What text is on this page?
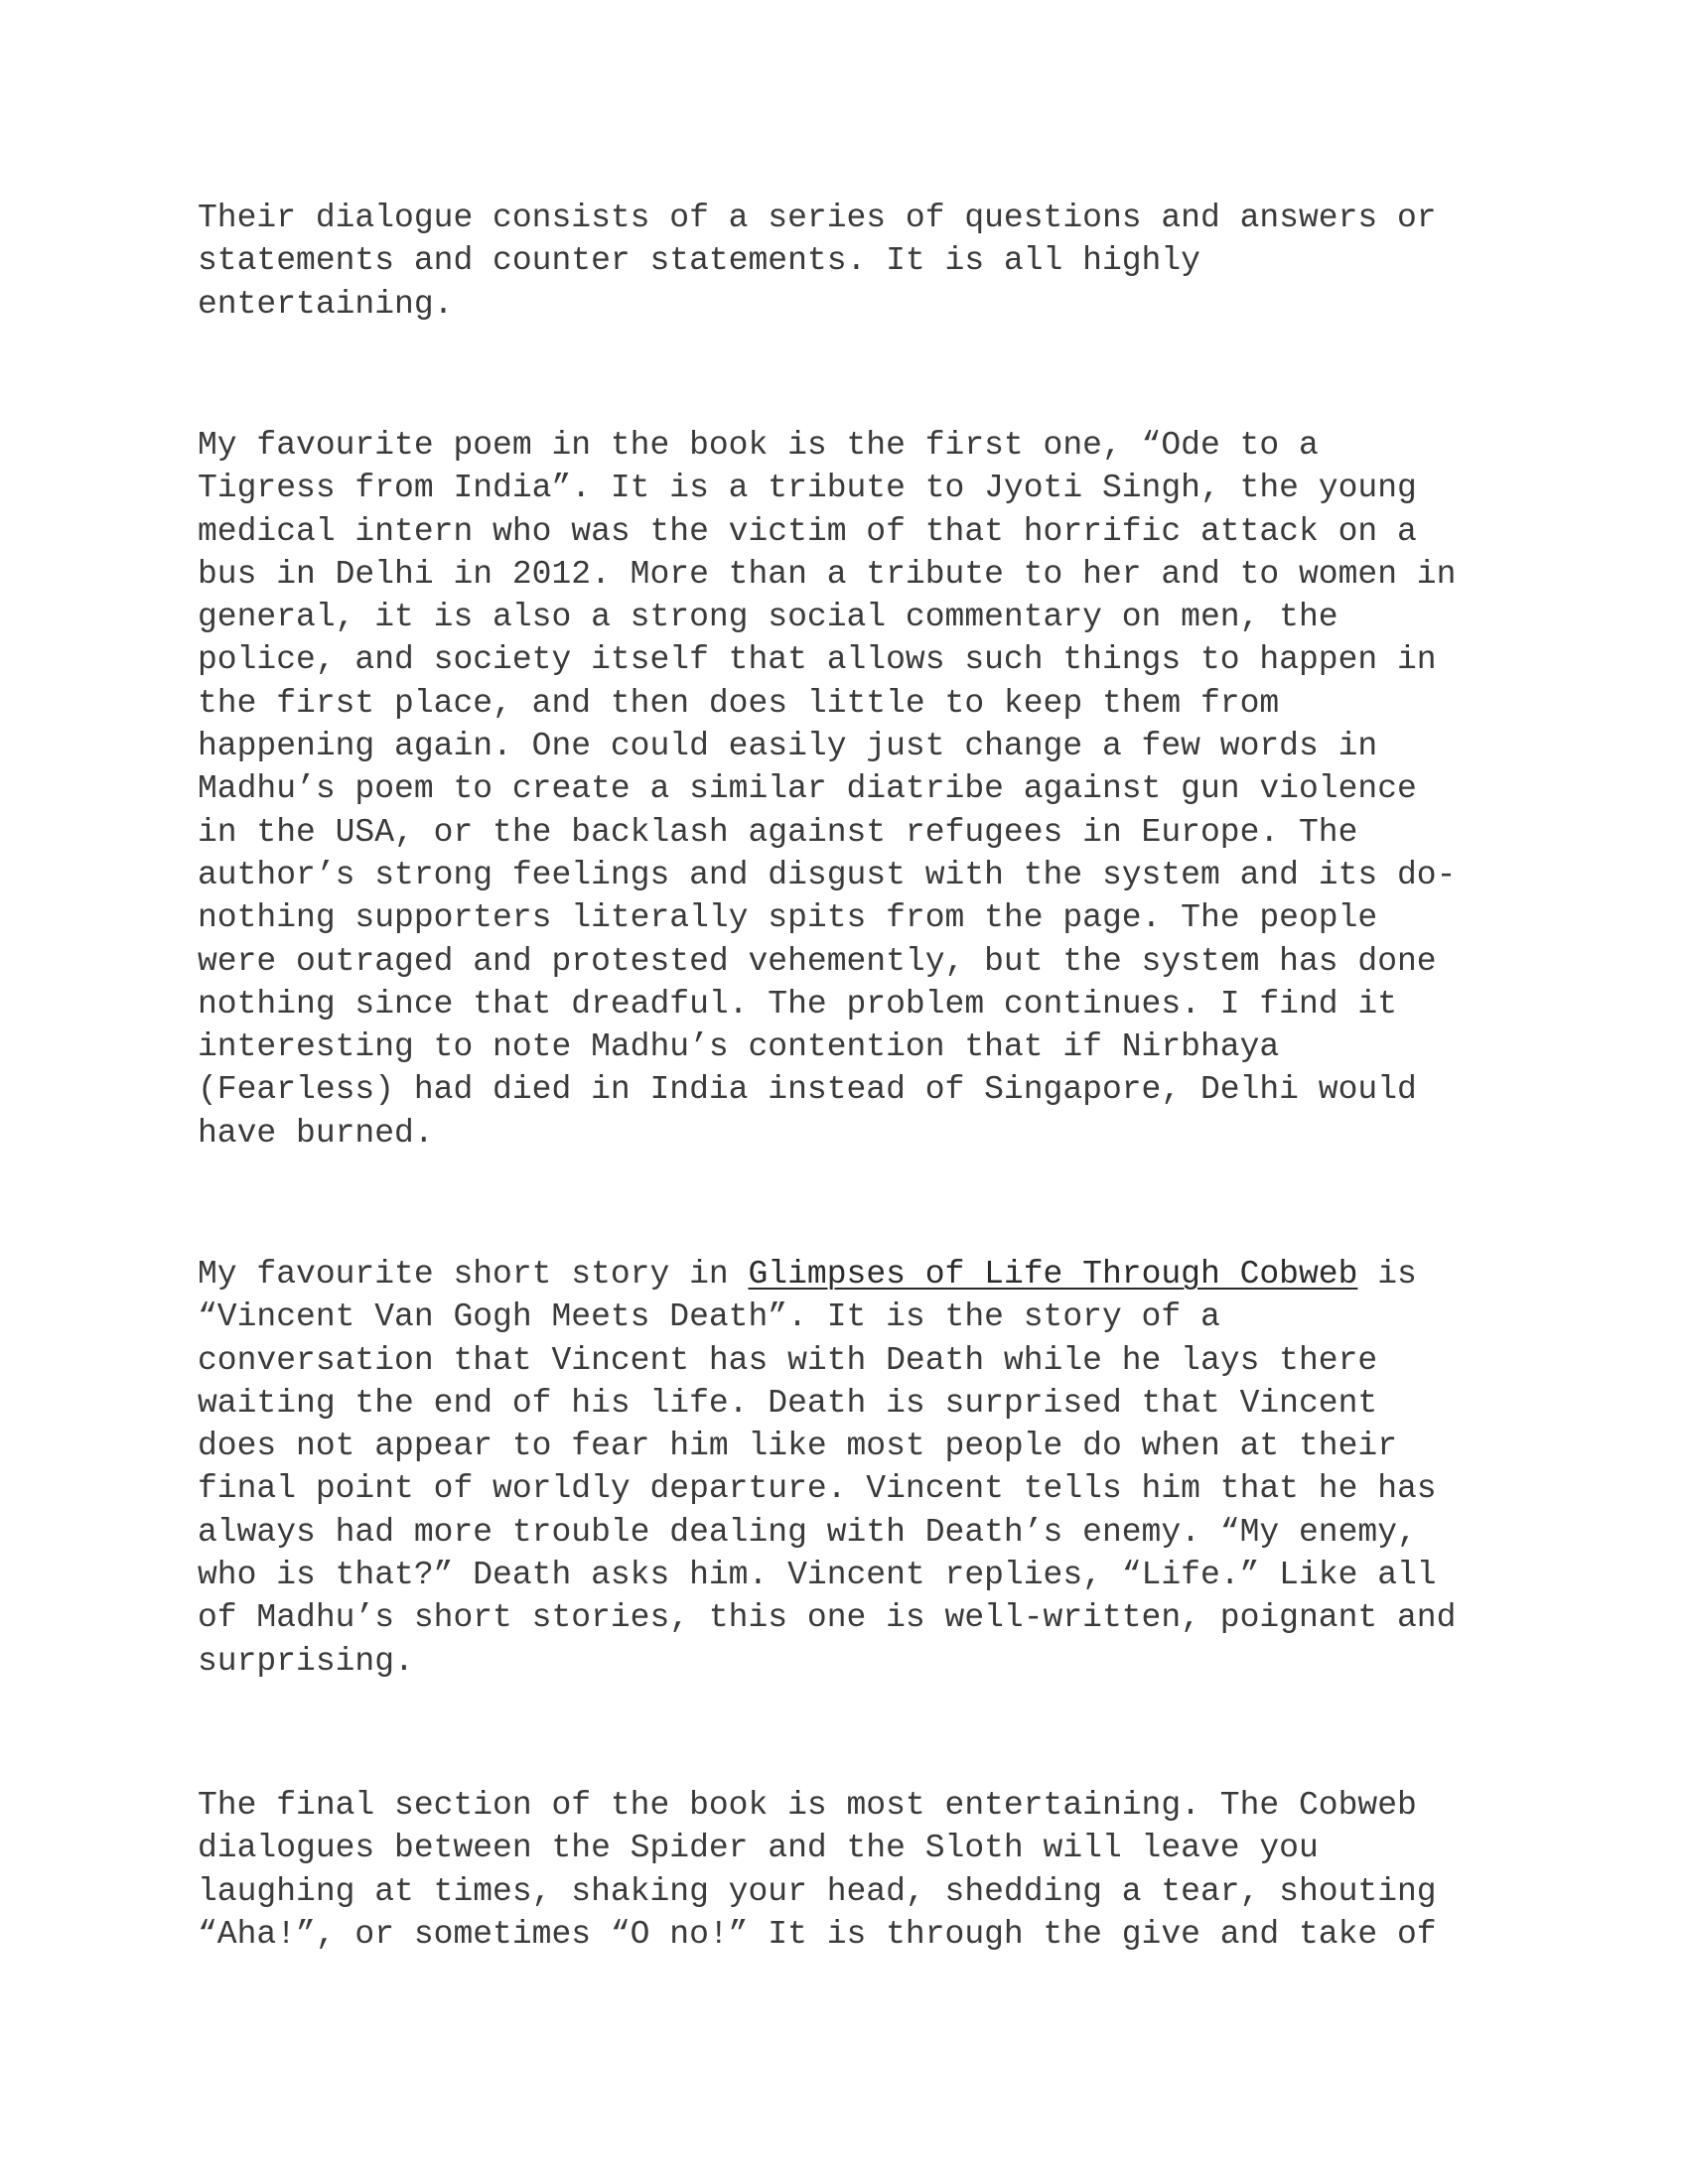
Their dialogue consists of a series of questions and answers or
statements and counter statements. It is all highly
entertaining.

My favourite poem in the book is the first one, “Ode to a
Tigress from India”. It is a tribute to Jyoti Singh, the young
medical intern who was the victim of that horrific attack on a
bus in Delhi in 2012. More than a tribute to her and to women in
general, it is also a strong social commentary on men, the
police, and society itself that allows such things to happen in
the first place, and then does little to keep them from
happening again. One could easily just change a few words in
Madhu’s poem to create a similar diatribe against gun violence
in the USA, or the backlash against refugees in Europe. The
author’s strong feelings and disgust with the system and its do-
nothing supporters literally spits from the page. The people
were outraged and protested vehemently, but the system has done
nothing since that dreadful. The problem continues. I find it
interesting to note Madhu’s contention that if Nirbhaya
(Fearless) had died in India instead of Singapore, Delhi would
have burned.

My favourite short story in Glimpses of Life Through Cobweb is
“Vincent Van Gogh Meets Death”. It is the story of a
conversation that Vincent has with Death while he lays there
waiting the end of his life. Death is surprised that Vincent
does not appear to fear him like most people do when at their
final point of worldly departure. Vincent tells him that he has
always had more trouble dealing with Death’s enemy. “My enemy,
who is that?” Death asks him. Vincent replies, “Life.” Like all
of Madhu’s short stories, this one is well-written, poignant and
surprising.

The final section of the book is most entertaining. The Cobweb
dialogues between the Spider and the Sloth will leave you
laughing at times, shaking your head, shedding a tear, shouting
“Aha!”, or sometimes “O no!” It is through the give and take of
